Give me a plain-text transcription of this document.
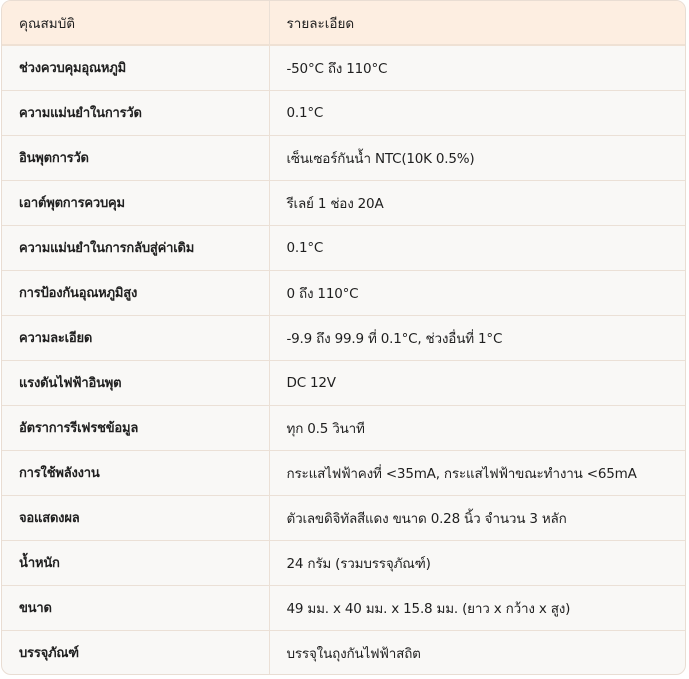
คุณสมบัติ	รายละเอียด
ช่วงควบคุมอุณหภูมิ	-50°C ถึง 110°C
ความแม่นยำในการวัด	0.1°C
อินพุตการวัด	เซ็นเซอร์กันน้ำ NTC(10K 0.5%)
เอาต์พุตการควบคุม	รีเลย์ 1 ช่อง 20A
ความแม่นยำในการกลับสู่ค่าเดิม	0.1°C
การป้องกันอุณหภูมิสูง	0 ถึง 110°C
ความละเอียด	-9.9 ถึง 99.9 ที่ 0.1°C, ช่วงอื่นที่ 1°C
แรงดันไฟฟ้าอินพุต	DC 12V
อัตราการรีเฟรชข้อมูล	ทุก 0.5 วินาที
การใช้พลังงาน	กระแสไฟฟ้าคงที่ <35mA, กระแสไฟฟ้าขณะทำงาน <65mA
จอแสดงผล	ตัวเลขดิจิทัลสีแดง ขนาด 0.28 นิ้ว จำนวน 3 หลัก
น้ำหนัก	24 กรัม (รวมบรรจุภัณฑ์)
ขนาด	49 มม. x 40 มม. x 15.8 มม. (ยาว x กว้าง x สูง)
บรรจุภัณฑ์	บรรจุในถุงกันไฟฟ้าสถิต
